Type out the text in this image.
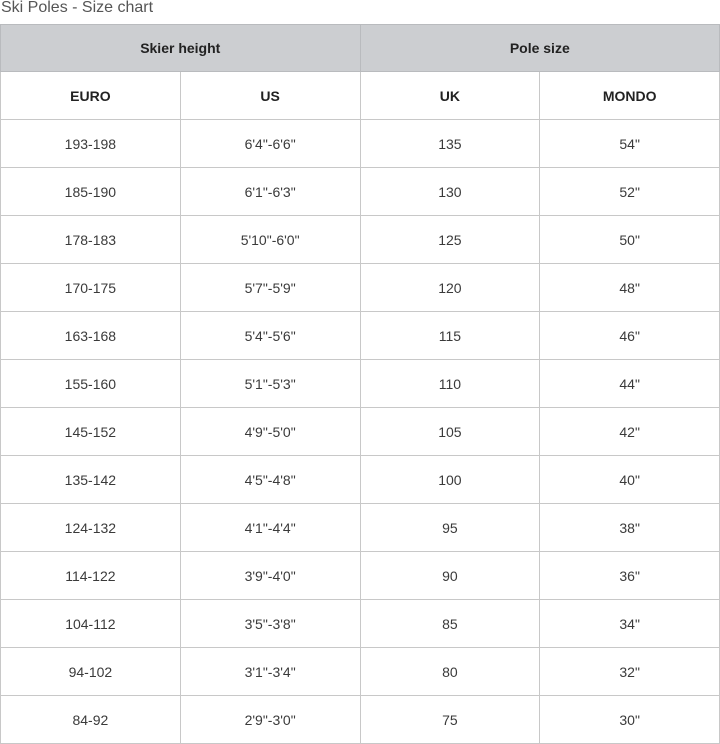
Ski Poles - Size chart
Skier height		Pole size	
EURO	US	UK	MONDO
193-198	6'4"-6'6"	135	54"
185-190	6'1"-6'3"	130	52"
178-183	5'10"-6'0"	125	50"
170-175	5'7"-5'9"	120	48"
163-168	5'4"-5'6"	115	46"
155-160	5'1"-5'3"	110	44"
145-152	4'9"-5'0"	105	42"
135-142	4'5"-4'8"	100	40"
124-132	4'1"-4'4"	95	38"
114-122	3'9"-4'0"	90	36"
104-112	3'5"-3'8"	85	34"
94-102	3'1"-3'4"	80	32"
84-92	2'9"-3'0"	75	30"
